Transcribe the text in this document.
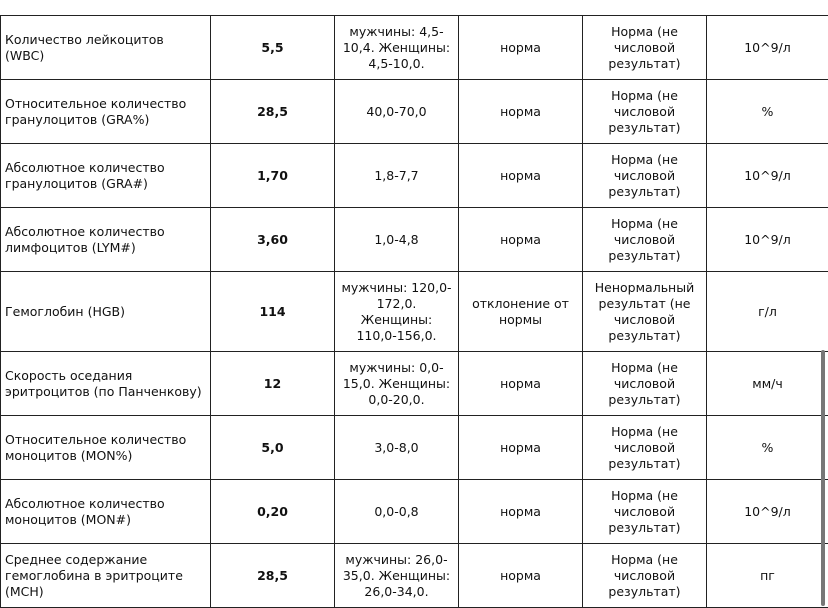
Количество лейкоцитов (WBC)	5,5	мужчины: 4,5-10,4. Женщины: 4,5-10,0.	норма	Норма (не числовой результат)	10^9/л
Относительное количество гранулоцитов (GRA%)	28,5	40,0-70,0	норма	Норма (не числовой результат)	%
Абсолютное количество гранулоцитов (GRA#)	1,70	1,8-7,7	норма	Норма (не числовой результат)	10^9/л
Абсолютное количество лимфоцитов (LYM#)	3,60	1,0-4,8	норма	Норма (не числовой результат)	10^9/л
Гемоглобин (HGB)	114	мужчины: 120,0-172,0. Женщины: 110,0-156,0.	отклонение от нормы	Ненормальный результат (не числовой результат)	г/л
Скорость оседания эритроцитов (по Панченкову)	12	мужчины: 0,0-15,0. Женщины: 0,0-20,0.	норма	Норма (не числовой результат)	мм/ч
Относительное количество моноцитов (MON%)	5,0	3,0-8,0	норма	Норма (не числовой результат)	%
Абсолютное количество моноцитов (MON#)	0,20	0,0-0,8	норма	Норма (не числовой результат)	10^9/л
Среднее содержание гемоглобина в эритроците (MCH)	28,5	мужчины: 26,0-35,0. Женщины: 26,0-34,0.	норма	Норма (не числовой результат)	пг
